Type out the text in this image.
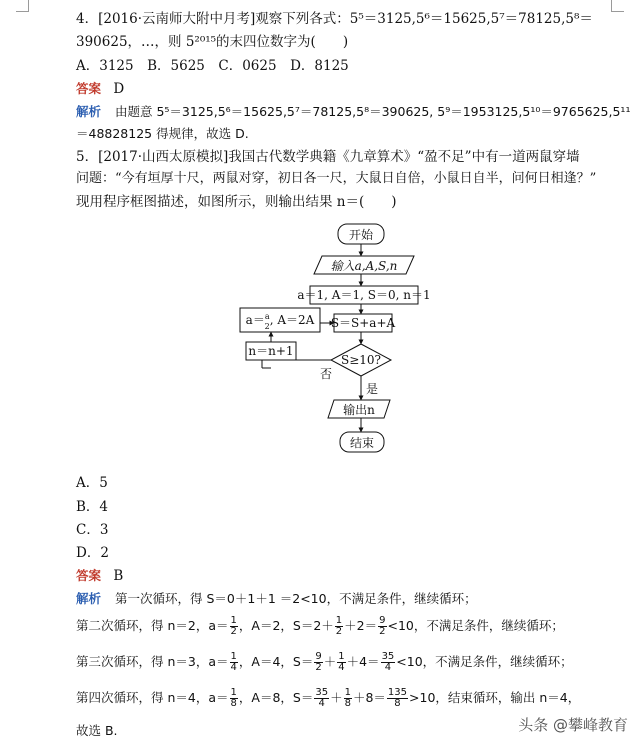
4．[2016·云南师大附中月考]观察下列各式：5⁵＝3125,5⁶＝15625,5⁷＝78125,5⁸＝
390625，…，则 5²⁰¹⁵的末四位数字为(　　)
A．3125　B．5625　C．0625　D．8125
答案 D
解析 由题意 5⁵＝3125,5⁶＝15625,5⁷＝78125,5⁸＝390625, 5⁹＝1953125,5¹⁰＝9765625,5¹¹
＝48828125 得规律，故选 D.
5．[2017·山西太原模拟]我国古代数学典籍《九章算术》“盈不足”中有一道两鼠穿墙
问题：“今有垣厚十尺，两鼠对穿，初日各一尺，大鼠日自倍，小鼠日自半，问何日相逢？”
现用程序框图描述，如图所示，则输出结果 n＝(　　)
开始
输入a,A,S,n
a＝1, A＝1, S＝0, n＝1
S＝S+a+A
a＝$^a$ 2, A＝2A
n＝n+1
S≥10?
否
是
输出n
结束
A．5
B．4
C．3
D．2
答案 B
解析 第一次循环，得 S＝0＋1＋1 ＝2<10，不满足条件，继续循环；
第二次循环，得 n＝2，$a= \frac{1}{2}$ ，A＝2，$S=2+ \frac{1}{2} +2= \frac{9}{2} <10$，不满足条件，继续循环；
第三次循环，得 n＝3，$a= \frac{1}{4}$ ，A＝4，$S= \frac{9}{2} + \frac{1}{4} +4= \frac{35}{4} <10$，不满足条件，继续循环；
第四次循环，得 n＝4，$a= \frac{1}{8}$ ，A＝8，$S= \frac{35}{4} + \frac{1}{8} +8= \frac{135}{8} >10$，结束循环，输出 n＝4，
故选 B.	头条 @攀峰教育
